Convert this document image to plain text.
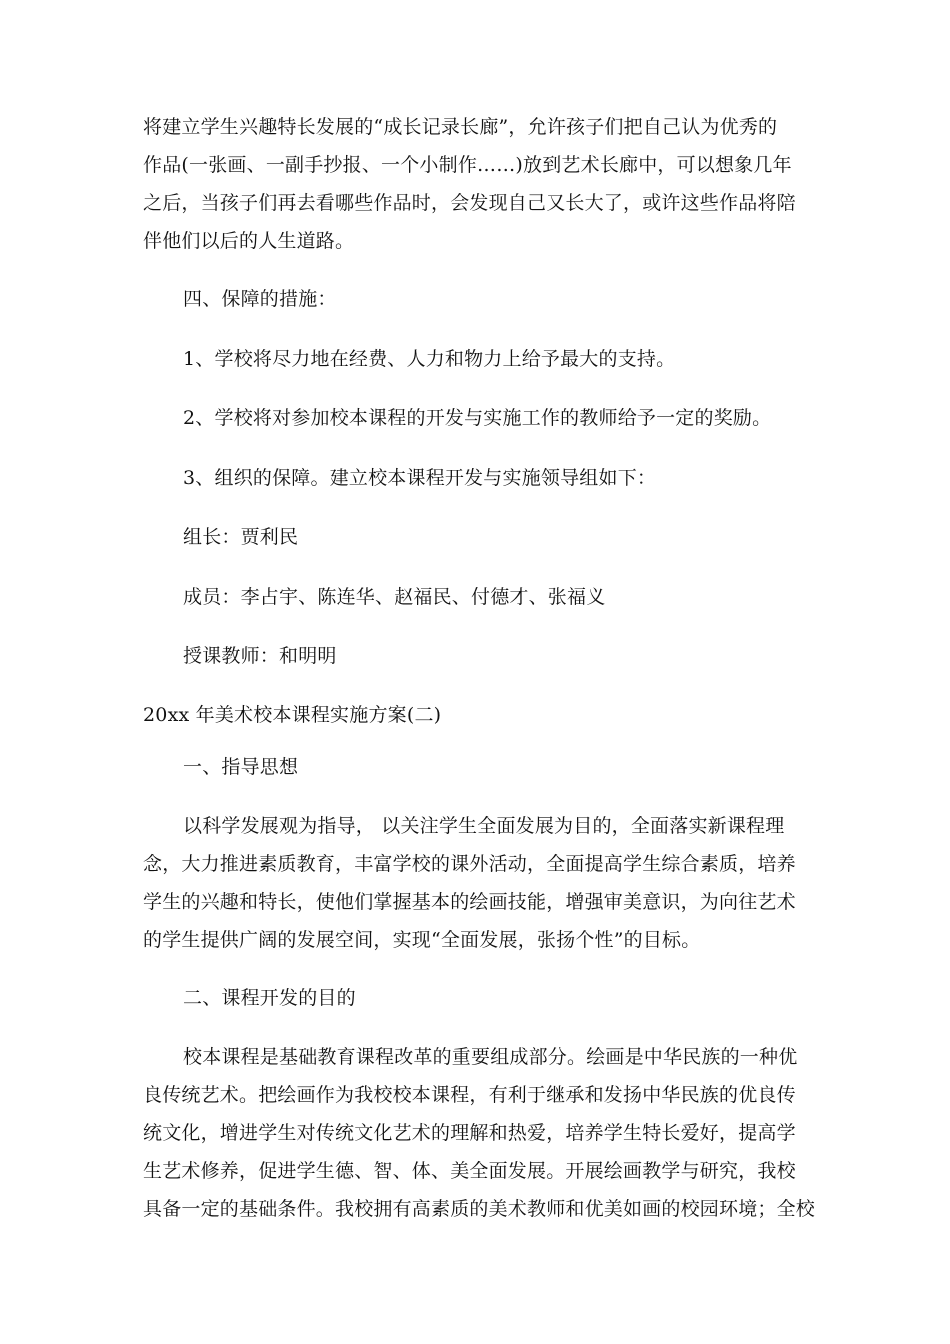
将建立学生兴趣特长发展的“成长记录长廊”，允许孩子们把自己认为优秀的
作品(一张画、一副手抄报、一个小制作……)放到艺术长廊中，可以想象几年
之后，当孩子们再去看哪些作品时，会发现自己又长大了，或许这些作品将陪
伴他们以后的人生道路。
四、保障的措施：
1、学校将尽力地在经费、人力和物力上给予最大的支持。
2、学校将对参加校本课程的开发与实施工作的教师给予一定的奖励。
3、组织的保障。建立校本课程开发与实施领导组如下：
组长：贾利民
成员：李占宇、陈连华、赵福民、付德才、张福义
授课教师：和明明
20xx 年美术校本课程实施方案(二)
一、指导思想
以科学发展观为指导， 以关注学生全面发展为目的，全面落实新课程理
念，大力推进素质教育，丰富学校的课外活动，全面提高学生综合素质，培养
学生的兴趣和特长，使他们掌握基本的绘画技能，增强审美意识，为向往艺术
的学生提供广阔的发展空间，实现“全面发展，张扬个性”的目标。
二、课程开发的目的
校本课程是基础教育课程改革的重要组成部分。绘画是中华民族的一种优
良传统艺术。把绘画作为我校校本课程，有利于继承和发扬中华民族的优良传
统文化，增进学生对传统文化艺术的理解和热爱，培养学生特长爱好，提高学
生艺术修养，促进学生德、智、体、美全面发展。开展绘画教学与研究，我校
具备一定的基础条件。我校拥有高素质的美术教师和优美如画的校园环境；全校
